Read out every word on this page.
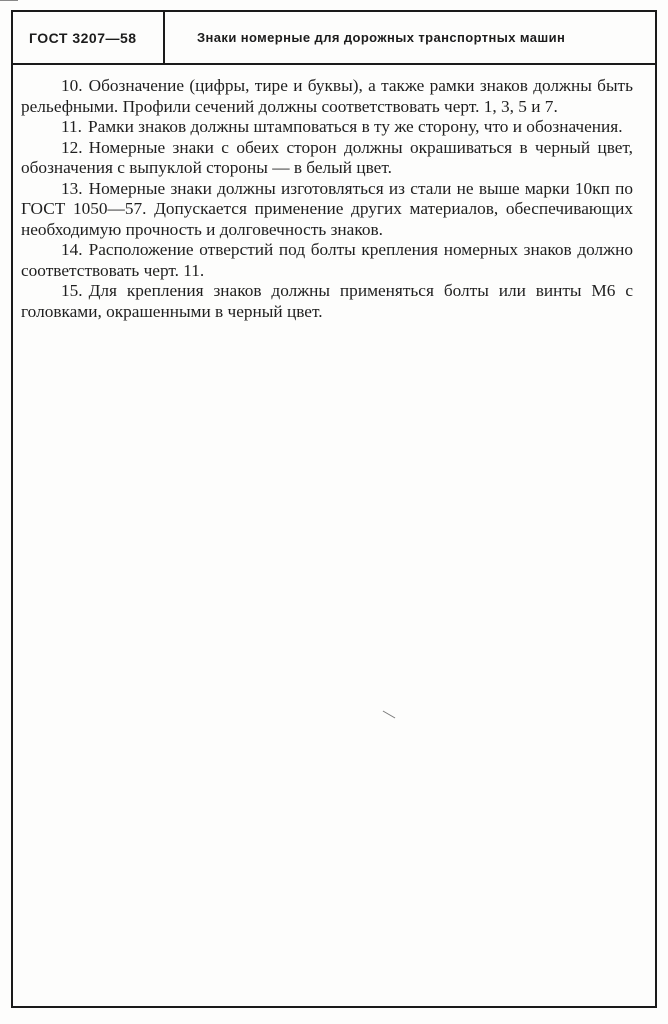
ГОСТ 3207—58	Знаки номерные для дорожных транспортных машин

10. Обозначение (цифры, тире и буквы), а также рамки знаков должны быть рельефными. Профили сечений должны соответствовать черт. 1, 3, 5 и 7.

11. Рамки знаков должны штамповаться в ту же сторону, что и обозначения.

12. Номерные знаки с обеих сторон должны окрашиваться в черный цвет, обозначения с выпуклой стороны — в белый цвет.

13. Номерные знаки должны изготовляться из стали не выше марки 10кп по ГОСТ 1050—57. Допускается применение других материалов, обеспечивающих необходимую прочность и долговечность знаков.

14. Расположение отверстий под болты крепления номерных знаков должно соответствовать черт. 11.

15. Для крепления знаков должны применяться болты или винты М6 с головками, окрашенными в черный цвет.
